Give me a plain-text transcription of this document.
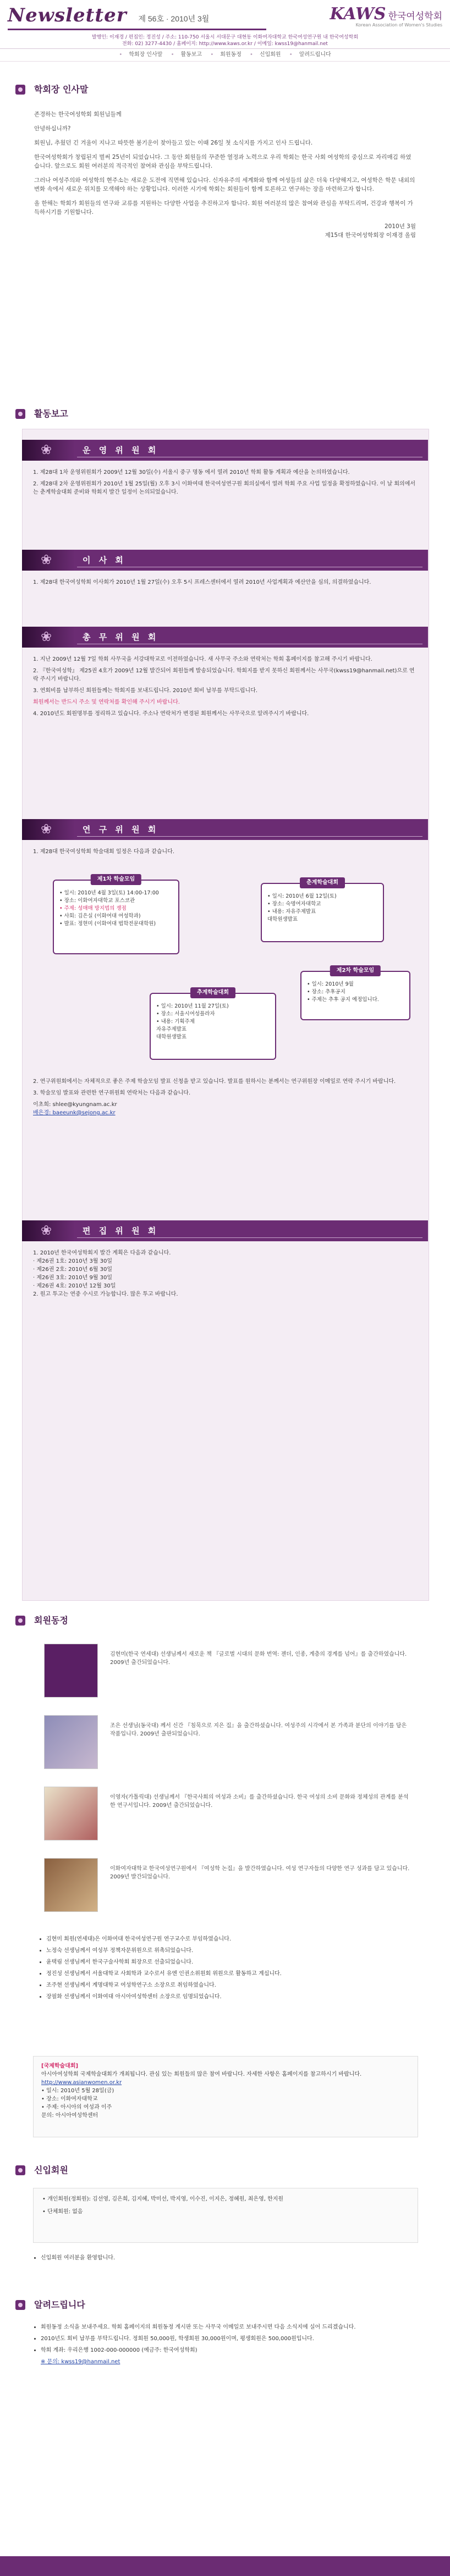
Newsletter 제 56호 · 2010년 3월	KAWS 한국여성학회
Korean Association of Women's Studies
발행인: 이재경 / 편집인: 정진성 / 주소: 110-750 서울시 서대문구 대현동 이화여자대학교 한국여성연구원 내 한국여성학회
전화: 02) 3277-4430 / 홈페이지: http://www.kaws.or.kr / 이메일: kwss19@hanmail.net
• 학회장 인사말 • 활동보고 • 회원동정 • 신입회원 • 알려드립니다
학회장 인사말

존경하는 한국여성학회 회원님들께

안녕하십니까?

회원님, 추웠던 긴 겨울이 지나고 따뜻한 봄기운이 찾아들고 있는 이때 26일 첫 소식지를 가지고 인사 드립니다.

한국여성학회가 창립된지 벌써 25년이 되었습니다. 그 동안 회원들의 꾸준한 열정과 노력으로 우리 학회는 한국 사회 여성학의 중심으로 자리매김 하였습니다. 앞으로도 회원 여러분의 적극적인 참여와 관심을 부탁드립니다.

그러나 여성주의와 여성학의 현주소는 새로운 도전에 직면해 있습니다. 신자유주의 세계화와 함께 여성들의 삶은 더욱 다양해지고, 여성학은 학문 내외의 변화 속에서 새로운 위치를 모색해야 하는 상황입니다. 이러한 시기에 학회는 회원들이 함께 토론하고 연구하는 장을 마련하고자 합니다.

올 한해는 학회가 회원들의 연구와 교류를 지원하는 다양한 사업을 추진하고자 합니다. 회원 여러분의 많은 참여와 관심을 부탁드리며, 건강과 행복이 가득하시기를 기원합니다.

2010년 3월
제15대 한국여성학회장 이재경 올림

활동보고
❀
운 영 위 원 회

1. 제28대 1차 운영위원회가 2009년 12월 30일(수) 서울시 중구 명동 에서 열려 2010년 학회 활동 계획과 예산을 논의하였습니다.

2. 제28대 2차 운영위원회가 2010년 1월 25일(월) 오후 3시 이화여대 한국여성연구원 회의실에서 열려 학회 주요 사업 일정을 확정하였습니다. 이 날 회의에서는 춘계학술대회 준비와 학회지 발간 일정이 논의되었습니다.

❀
이 사 회

1. 제28대 한국여성학회 이사회가 2010년 1월 27일(수) 오후 5시 프레스센터에서 열려 2010년 사업계획과 예산안을 심의, 의결하였습니다.

❀
총 무 위 원 회

1. 지난 2009년 12월 7일 학회 사무국을 서강대학교로 이전하였습니다. 새 사무국 주소와 연락처는 학회 홈페이지를 참고해 주시기 바랍니다.

2. 『한국여성학』 제25권 4호가 2009년 12월 발간되어 회원들께 발송되었습니다. 학회지를 받지 못하신 회원께서는 사무국(kwss19@hanmail.net)으로 연락 주시기 바랍니다.

3. 연회비를 납부하신 회원들께는 학회지를 보내드립니다. 2010년 회비 납부를 부탁드립니다.

회원께서는 반드시 주소 및 연락처를 확인해 주시기 바랍니다.

4. 2010년도 회원명부를 정리하고 있습니다. 주소나 연락처가 변경된 회원께서는 사무국으로 알려주시기 바랍니다.

❀
연 구 위 원 회

1. 제28대 한국여성학회 학술대회 일정은 다음과 같습니다.

제1차 학술모임
• 일시: 2010년 4월 3일(토) 14:00-17:00
• 장소: 이화여자대학교 포스코관
• 주제: 성매매 방지법의 쟁점
• 사회: 김은실 (이화여대 여성학과)
• 발표: 정현미 (이화여대 법학전문대학원)
춘계학술대회
• 일시: 2010년 6월 12일(토)
• 장소: 숙명여자대학교
• 내용: 자유주제발표
대학원생발표
제2차 학술모임
• 일시: 2010년 9월
• 장소: 추후공지
• 주제는 추후 공지 예정입니다.
추계학술대회
• 일시: 2010년 11월 27일(토)
• 장소: 서울시여성플라자
• 내용: 기획주제
자유주제발표
대학원생발표

2. 연구위원회에서는 자체적으로 좋은 주제 학술모임 발표 신청을 받고 있습니다. 발표를 원하시는 분께서는 연구위원장 이메일로 연락 주시기 바랍니다.

3. 학술모임 발표와 관련한 연구위원회 연락처는 다음과 같습니다.

이초희: shlee@kyungnam.ac.kr
배은경: baeeunk@sejong.ac.kr
❀
편 집 위 원 회
1. 2010년 한국여성학회지 발간 계획은 다음과 같습니다.
· 제26권 1호: 2010년 3월 30일
· 제26권 2호: 2010년 6월 30일
· 제26권 3호: 2010년 9월 30일
· 제26권 4호: 2010년 12월 30일
2. 원고 투고는 연중 수시로 가능합니다. 많은 투고 바랍니다.
회원동정
김현미(한국 연세대) 선생님께서 새로운 책 『글로벌 시대의 문화 번역: 젠더, 인종, 계층의 경계를 넘어』를 출간하였습니다. 2009년 출간되었습니다.
조은 선생님(동국대) 께서 신간 『침묵으로 지은 집』을 출간하셨습니다. 여성주의 시각에서 본 가족과 분단의 이야기를 담은 작품입니다. 2009년 출판되었습니다.
이영자(가톨릭대) 선생님께서 『한국사회의 여성과 소비』를 출간하셨습니다. 한국 여성의 소비 문화와 정체성의 관계를 분석한 연구서입니다. 2009년 출간되었습니다.
이화여자대학교 한국여성연구원에서 『여성학 논집』을 발간하였습니다. 여성 연구자들의 다양한 연구 성과를 담고 있습니다. 2009년 발간되었습니다.
• 김현미 회원(연세대)은 이화여대 한국여성연구원 연구교수로 부임하였습니다.
• 노정숙 선생님께서 여성부 정책자문위원으로 위촉되었습니다.
• 윤택림 선생님께서 한국구술사학회 회장으로 선출되었습니다.
• 정진성 선생님께서 서울대학교 사회학과 교수로서 유엔 인권소위원회 위원으로 활동하고 계십니다.
• 조주현 선생님께서 계명대학교 여성학연구소 소장으로 취임하였습니다.
• 장필화 선생님께서 이화여대 아시아여성학센터 소장으로 임명되었습니다.
[국제학술대회]
아시아여성학회 국제학술대회가 개최됩니다. 관심 있는 회원들의 많은 참여 바랍니다. 자세한 사항은 홈페이지를 참고하시기 바랍니다.
http://www.asianwomen.or.kr
• 일시: 2010년 5월 28일(금)
• 장소: 이화여자대학교
• 주제: 아시아의 여성과 이주
문의: 아시아여성학센터
신입회원
• 개인회원(정회원): 김선영, 김은희, 김지혜, 박미선, 박지영, 이수진, 이지은, 정혜원, 최은영, 한지원
• 단체회원: 없음
• 신입회원 여러분을 환영합니다.
알려드립니다
• 회원동정 소식을 보내주세요. 학회 홈페이지의 회원동정 게시판 또는 사무국 이메일로 보내주시면 다음 소식지에 실어 드리겠습니다.
• 2010년도 회비 납부를 부탁드립니다. 정회원 50,000원, 학생회원 30,000원이며, 평생회원은 500,000원입니다.
• 학회 계좌: 우리은행 1002-000-000000 (예금주: 한국여성학회)
※ 문의: kwss19@hanmail.net
